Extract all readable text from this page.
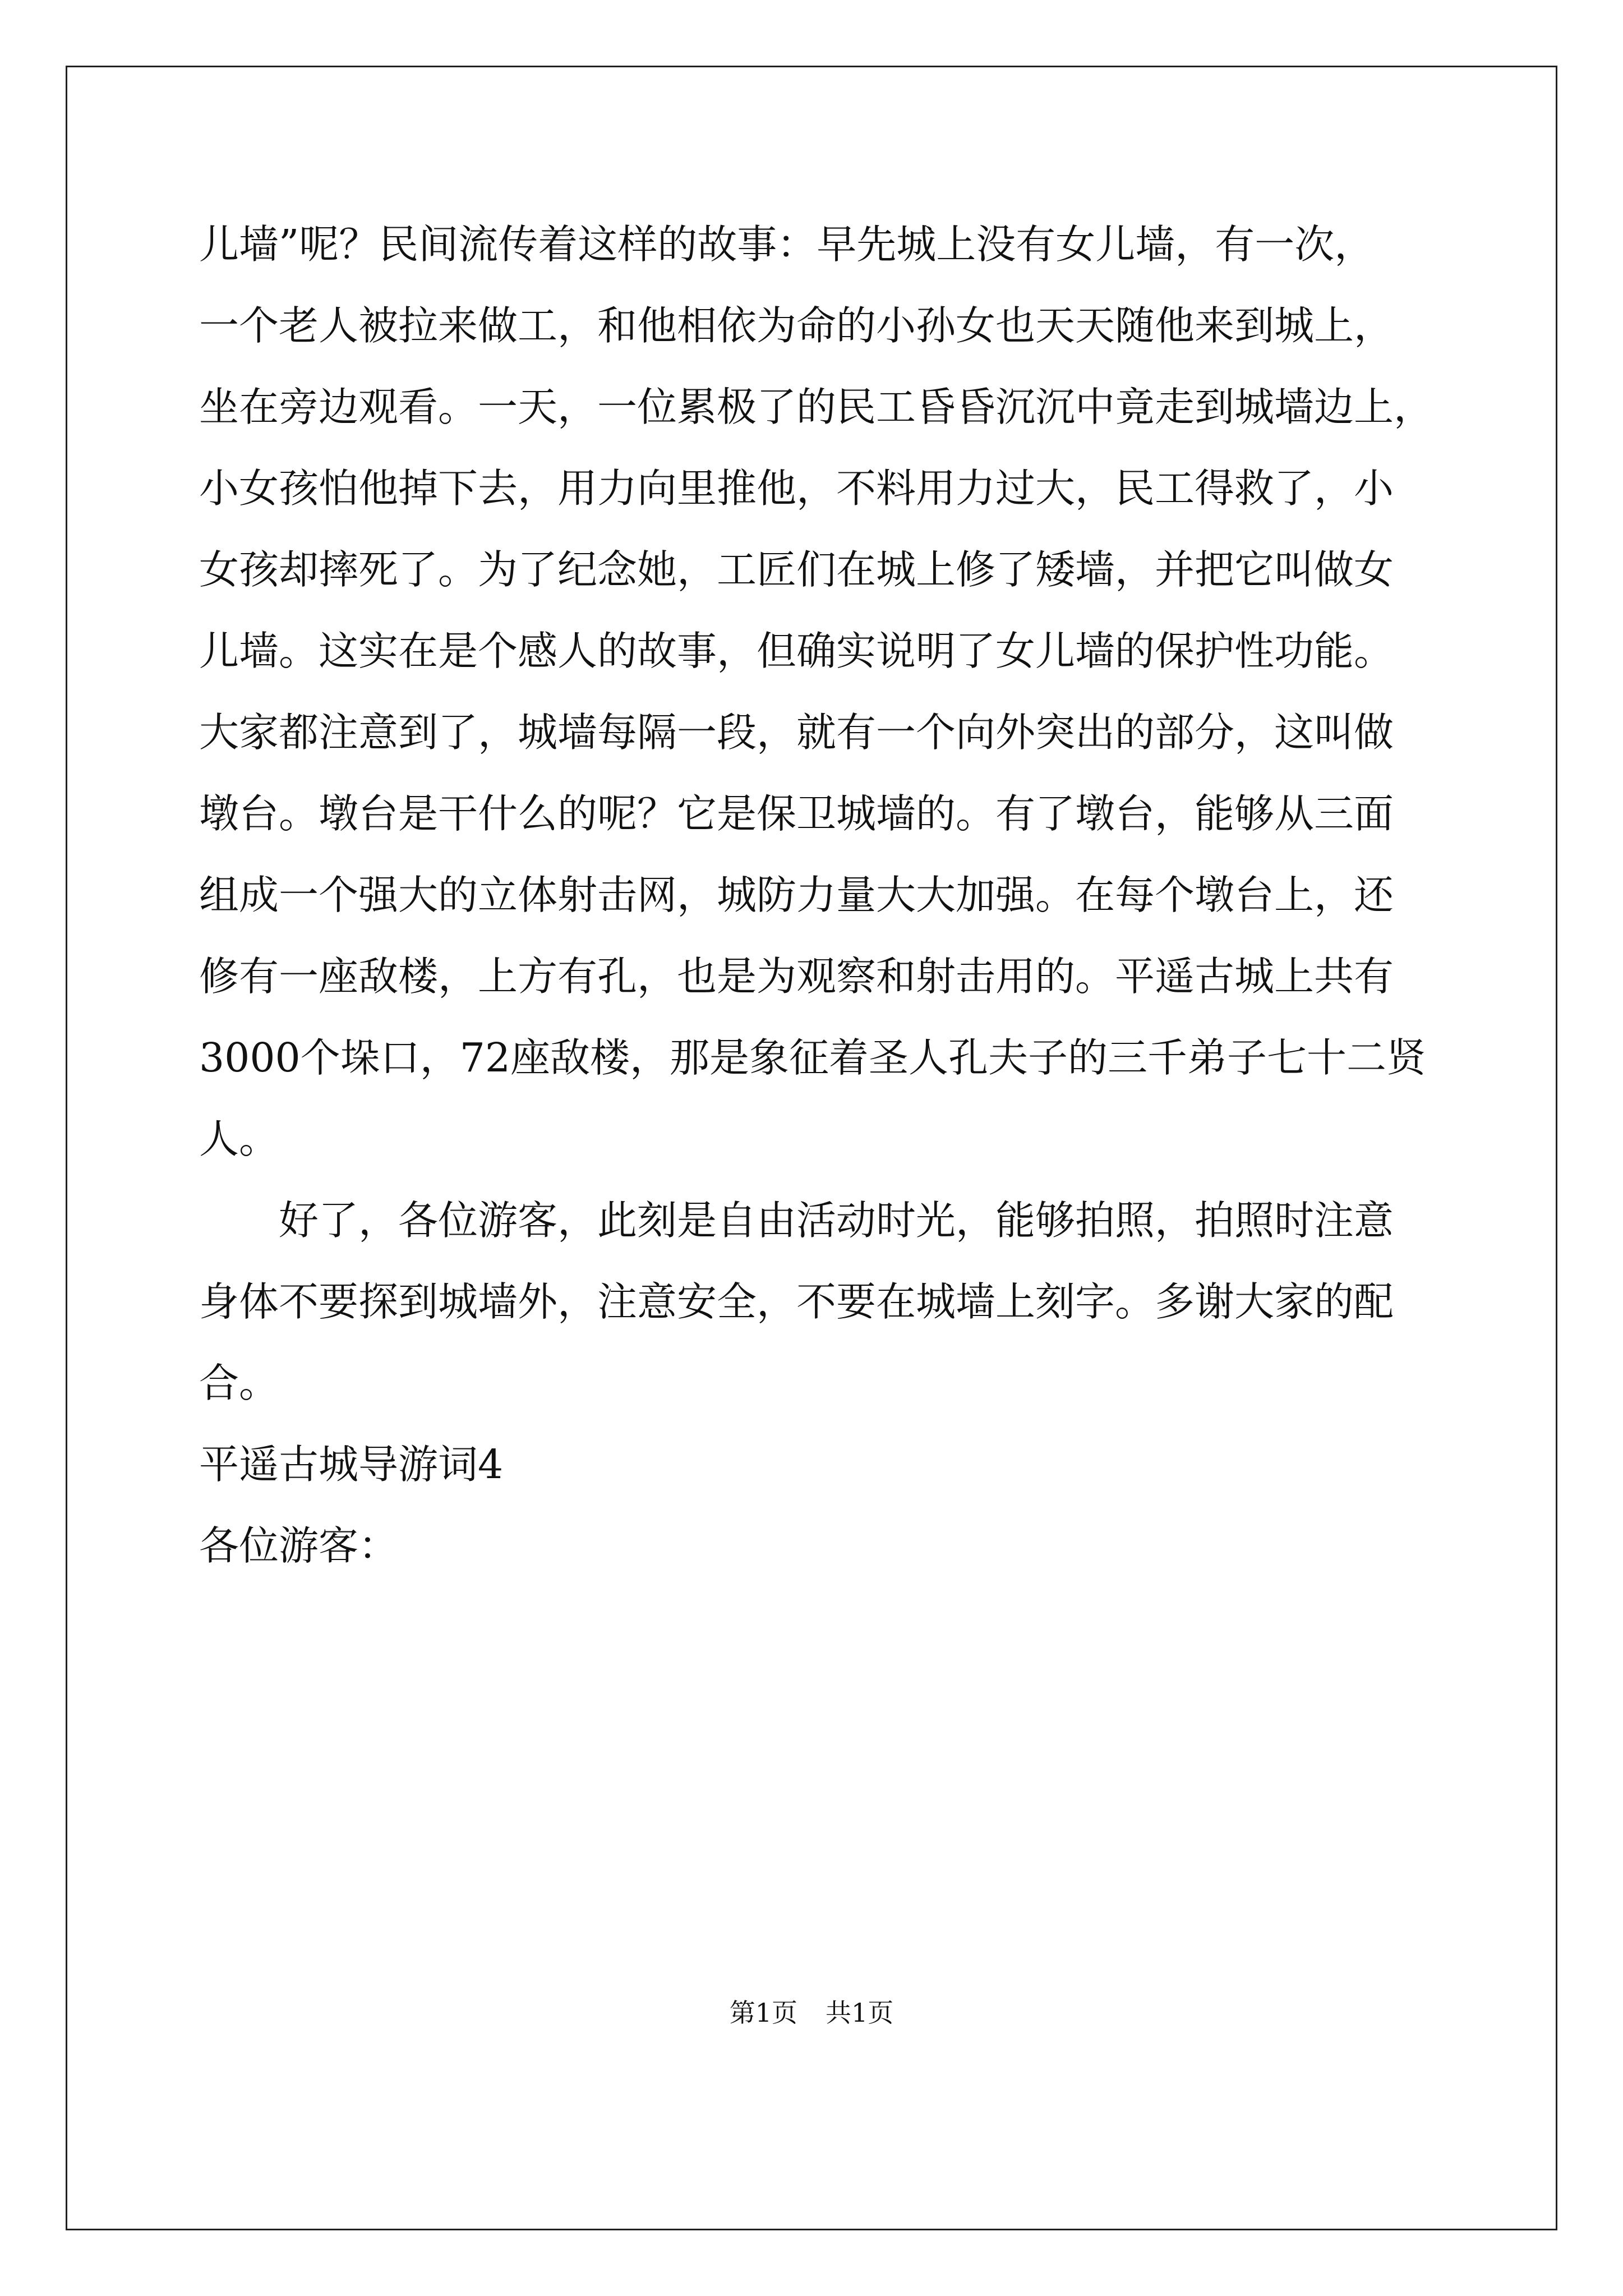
儿墙”呢？民间流传着这样的故事：早先城上没有女儿墙，有一次，

一个老人被拉来做工，和他相依为命的小孙女也天天随他来到城上，

坐在旁边观看。一天，一位累极了的民工昏昏沉沉中竟走到城墙边上，

小女孩怕他掉下去，用力向里推他，不料用力过大，民工得救了，小

女孩却摔死了。为了纪念她，工匠们在城上修了矮墙，并把它叫做女

儿墙。这实在是个感人的故事，但确实说明了女儿墙的保护性功能。

大家都注意到了，城墙每隔一段，就有一个向外突出的部分，这叫做

墩台。墩台是干什么的呢？它是保卫城墙的。有了墩台，能够从三面

组成一个强大的立体射击网，城防力量大大加强。在每个墩台上，还

修有一座敌楼，上方有孔，也是为观察和射击用的。平遥古城上共有

3000个垛口，72座敌楼，那是象征着圣人孔夫子的三千弟子七十二贤

人。

　　好了，各位游客，此刻是自由活动时光，能够拍照，拍照时注意

身体不要探到城墙外，注意安全，不要在城墙上刻字。多谢大家的配

合。

平遥古城导游词4

各位游客：

第1页 共1页
